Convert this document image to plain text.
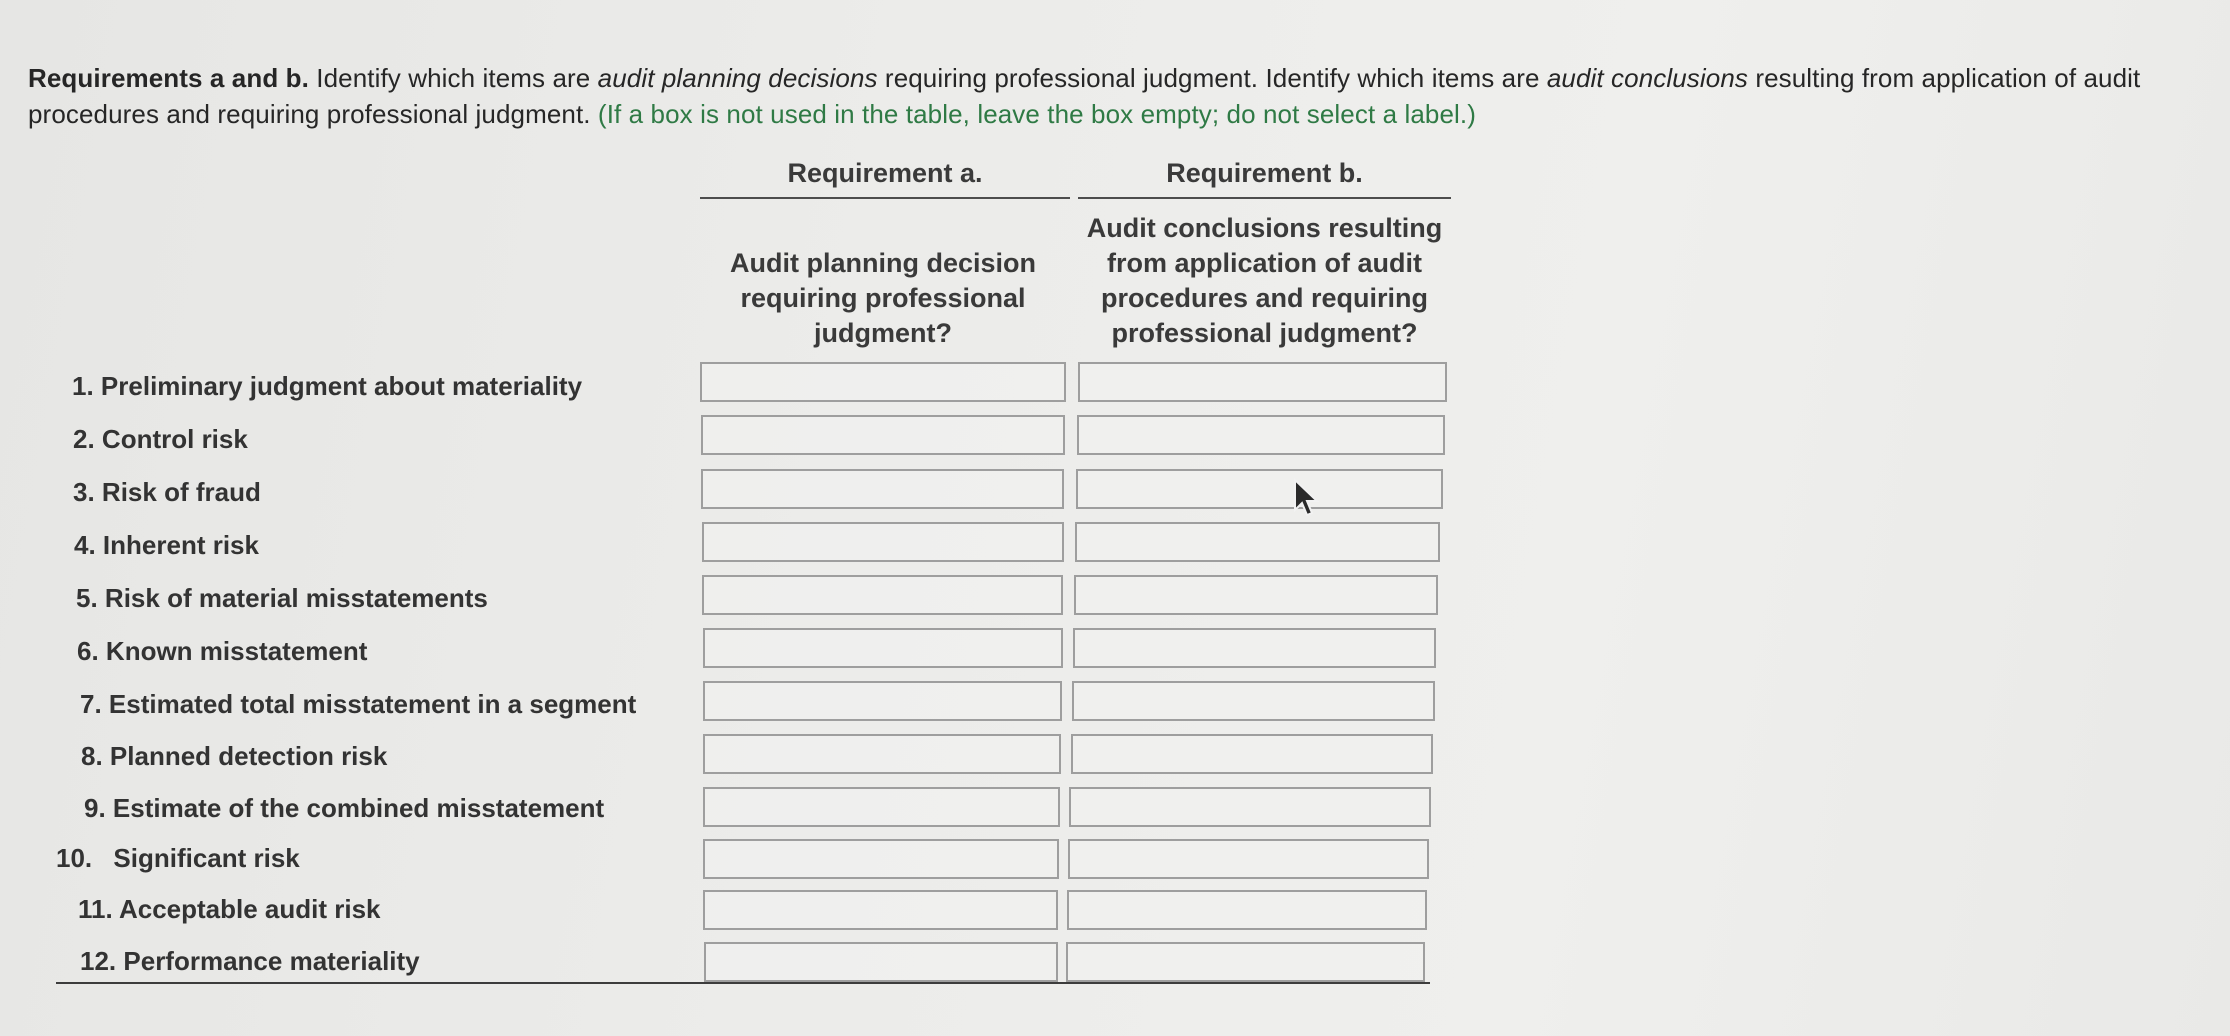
Requirements a and b. Identify which items are audit planning decisions requiring professional judgment. Identify which items are audit conclusions resulting from application of audit

procedures and requiring professional judgment. (If a box is not used in the table, leave the box empty; do not select a label.)

Requirement a.	Requirement b.
Audit planning decision
requiring professional
judgment?
Audit conclusions resulting
from application of audit
procedures and requiring
professional judgment?
1. Preliminary judgment about materiality
2. Control risk
3. Risk of fraud
4. Inherent risk
5. Risk of material misstatements
6. Known misstatement
7. Estimated total misstatement in a segment
8. Planned detection risk
9. Estimate of the combined misstatement
10. Significant risk
11. Acceptable audit risk
12. Performance materiality
